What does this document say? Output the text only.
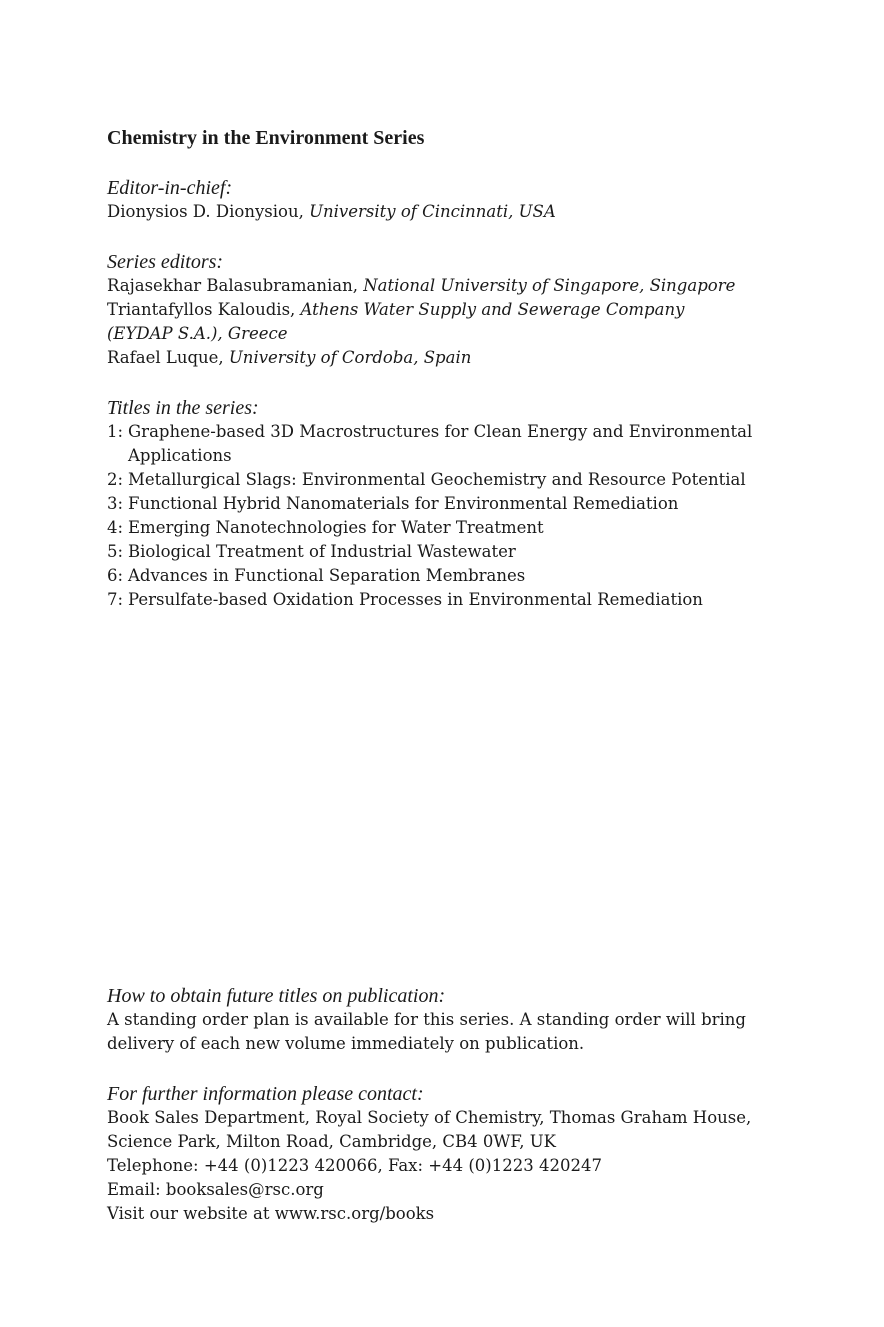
Chemistry in the Environment Series
Editor-in-chief:
Dionysios D. Dionysiou, University of Cincinnati, USA
Series editors:
Rajasekhar Balasubramanian, National University of Singapore, Singapore
Triantafyllos Kaloudis, Athens Water Supply and Sewerage Company
(EYDAP S.A.), Greece
Rafael Luque, University of Cordoba, Spain
Titles in the series:
1: Graphene-based 3D Macrostructures for Clean Energy and Environmental Applications
2: Metallurgical Slags: Environmental Geochemistry and Resource Potential
3: Functional Hybrid Nanomaterials for Environmental Remediation
4: Emerging Nanotechnologies for Water Treatment
5: Biological Treatment of Industrial Wastewater
6: Advances in Functional Separation Membranes
7: Persulfate-based Oxidation Processes in Environmental Remediation
How to obtain future titles on publication:
A standing order plan is available for this series. A standing order will bring
delivery of each new volume immediately on publication.
For further information please contact:
Book Sales Department, Royal Society of Chemistry, Thomas Graham House,
Science Park, Milton Road, Cambridge, CB4 0WF, UK
Telephone: +44 (0)1223 420066, Fax: +44 (0)1223 420247
Email: booksales@rsc.org
Visit our website at www.rsc.org/books
